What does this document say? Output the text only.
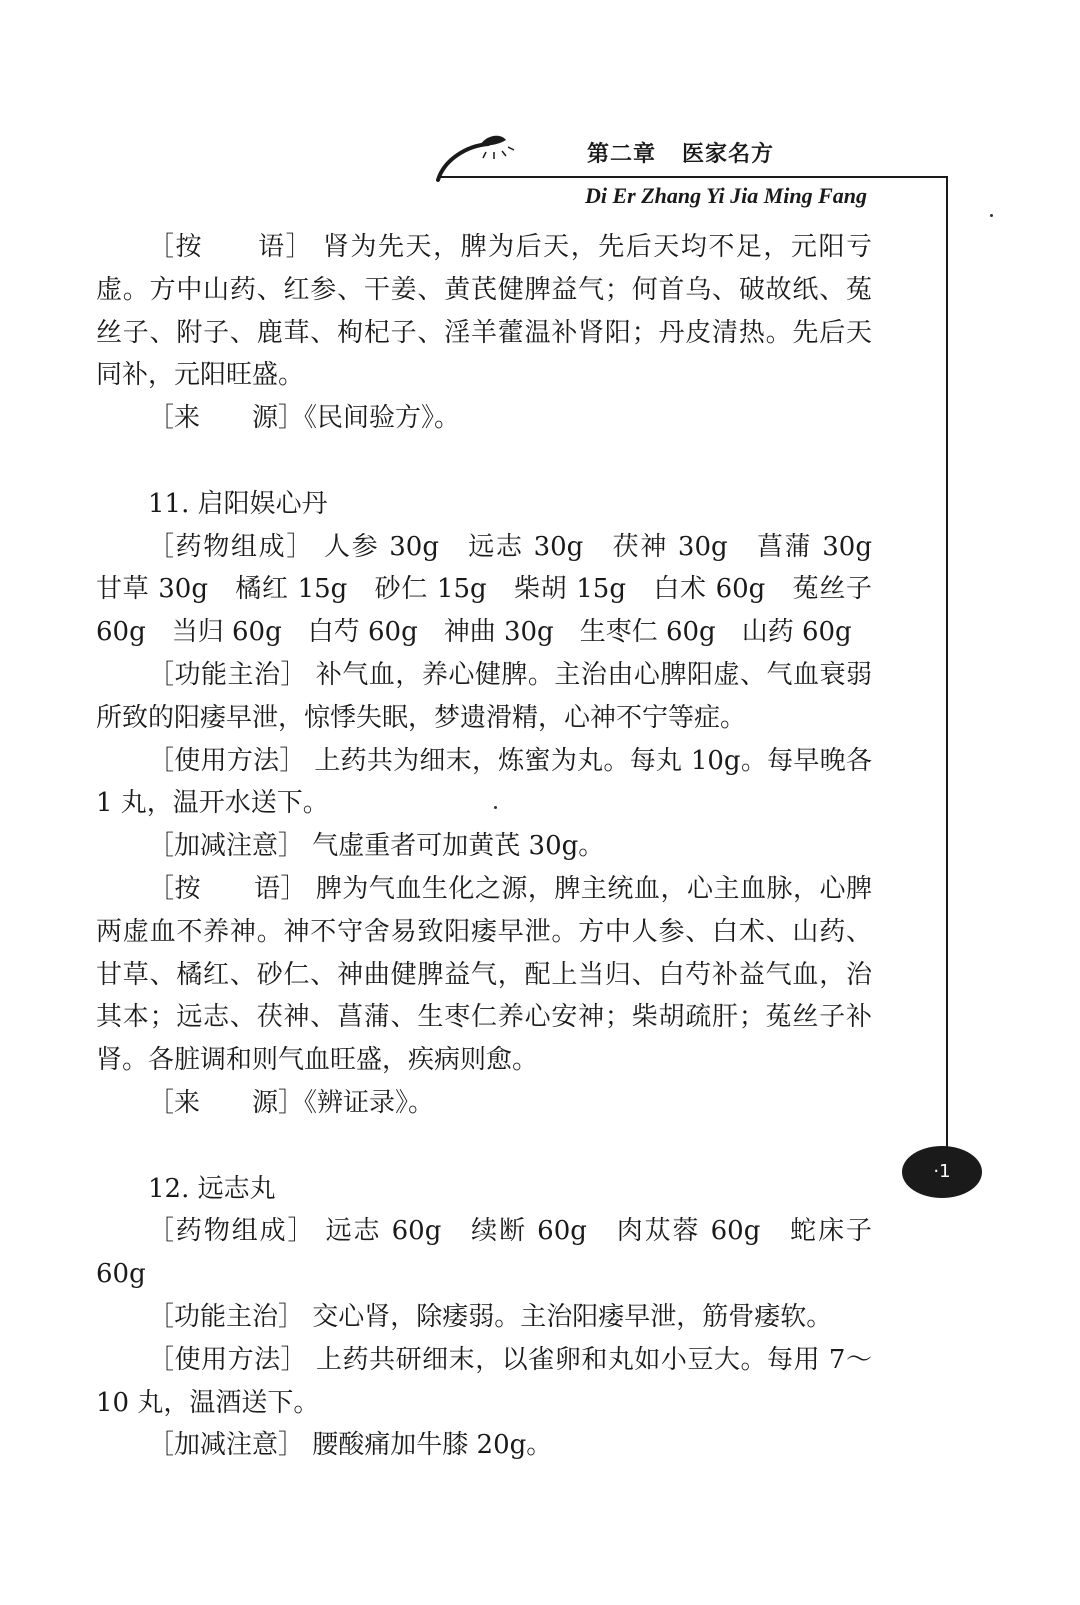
第二章   医家名方
Di Er Zhang Yi Jia Ming Fang
·1

［按　　语］ 肾为先天，脾为后天，先后天均不足，元阳亏虚。方中山药、红参、干姜、黄芪健脾益气；何首乌、破故纸、菟丝子、附子、鹿茸、枸杞子、淫羊藿温补肾阳；丹皮清热。先后天同补，元阳旺盛。

［来　　源］《民间验方》。

11. 启阳娱心丹

［药物组成］ 人参 30g　远志 30g　茯神 30g　菖蒲 30g　甘草 30g　橘红 15g　砂仁 15g　柴胡 15g　白术 60g　菟丝子 60g　当归 60g　白芍 60g　神曲 30g　生枣仁 60g　山药 60g

［功能主治］ 补气血，养心健脾。主治由心脾阳虚、气血衰弱所致的阳痿早泄，惊悸失眠，梦遗滑精，心神不宁等症。

［使用方法］ 上药共为细末，炼蜜为丸。每丸 10g。每早晚各 1 丸，温开水送下。

［加减注意］ 气虚重者可加黄芪 30g。

［按　　语］ 脾为气血生化之源，脾主统血，心主血脉，心脾两虚血不养神。神不守舍易致阳痿早泄。方中人参、白术、山药、甘草、橘红、砂仁、神曲健脾益气，配上当归、白芍补益气血，治其本；远志、茯神、菖蒲、生枣仁养心安神；柴胡疏肝；菟丝子补肾。各脏调和则气血旺盛，疾病则愈。

［来　　源］《辨证录》。

12. 远志丸

［药物组成］ 远志 60g　续断 60g　肉苁蓉 60g　蛇床子 60g

［功能主治］ 交心肾，除痿弱。主治阳痿早泄，筋骨痿软。

［使用方法］ 上药共研细末，以雀卵和丸如小豆大。每用 7～10 丸，温酒送下。

［加减注意］ 腰酸痛加牛膝 20g。
